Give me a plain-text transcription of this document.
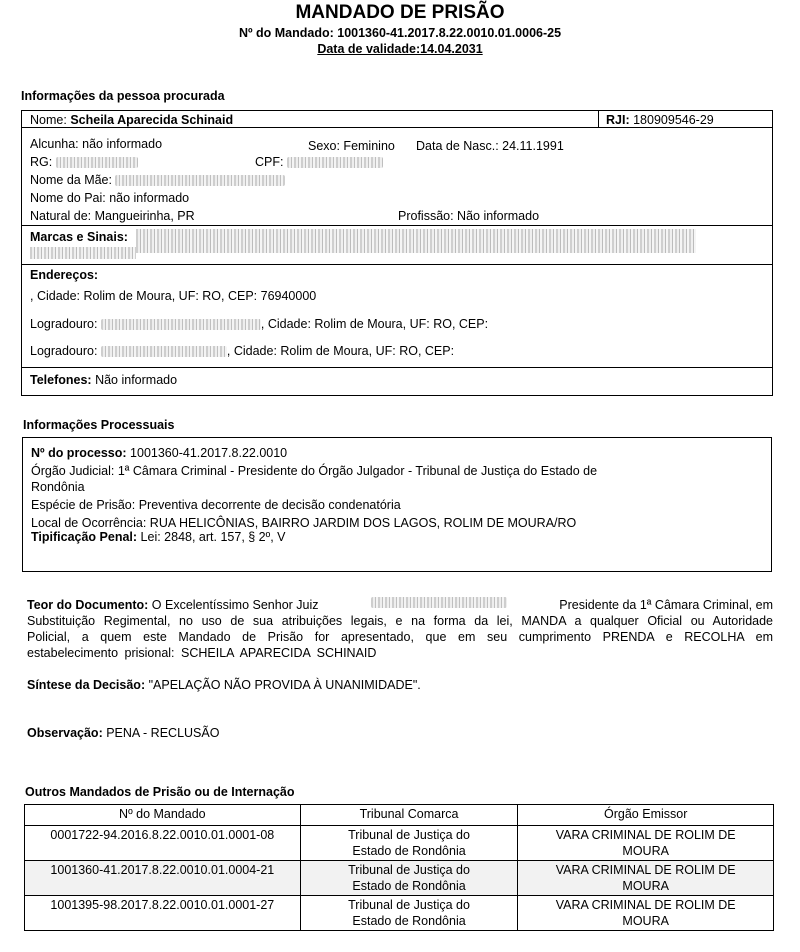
MANDADO DE PRISÃO
Nº do Mandado: 1001360-41.2017.8.22.0010.01.0006-25
Data de validade:14.04.2031
Informações da pessoa procurada
Nome: Scheila Aparecida Schinaid	RJI: 180909546-29
Alcunha: não informado	Sexo: Feminino Data de Nasc.: 24.11.1991
RG:	CPF:
Nome da Mãe:
Nome do Pai: não informado
Natural de: Mangueirinha, PR	Profissão: Não informado
Marcas e Sinais:
Endereços:
, Cidade: Rolim de Moura, UF: RO, CEP: 76940000
Logradouro:	, Cidade: Rolim de Moura, UF: RO, CEP:
Logradouro:	, Cidade: Rolim de Moura, UF: RO, CEP:
Telefones: Não informado
Informações Processuais
Nº do processo: 1001360-41.2017.8.22.0010
Órgão Judicial: 1ª Câmara Criminal - Presidente do Órgão Julgador - Tribunal de Justiça do Estado de
Rondônia
Espécie de Prisão: Preventiva decorrente de decisão condenatória
Local de Ocorrência: RUA HELICÔNIAS, BAIRRO JARDIM DOS LAGOS, ROLIM DE MOURA/RO
Tipificação Penal: Lei: 2848, art. 157, § 2º, V
Teor do Documento: O Excelentíssimo Senhor Juiz	Presidente da 1ª Câmara Criminal, em
Substituição Regimental, no uso de sua atribuições legais, e na forma da lei, MANDA a qualquer Oficial ou Autoridade
Policial, a quem este Mandado de Prisão for apresentado, que em seu cumprimento PRENDA e RECOLHA em
estabelecimento prisional: SCHEILA APARECIDA SCHINAID
Síntese da Decisão: "APELAÇÃO NÃO PROVIDA À UNANIMIDADE".
Observação: PENA - RECLUSÃO
Outros Mandados de Prisão ou de Internação
Nº do Mandado	Tribunal Comarca	Órgão Emissor
0001722-94.2016.8.22.0010.01.0001-08	Tribunal de Justiça do Estado de Rondônia	VARA CRIMINAL DE ROLIM DE MOURA

1001360-41.2017.8.22.0010.01.0004-21	Tribunal de Justiça do Estado de Rondônia	VARA CRIMINAL DE ROLIM DE MOURA

1001395-98.2017.8.22.0010.01.0001-27	Tribunal de Justiça do Estado de Rondônia	VARA CRIMINAL DE ROLIM DE MOURA
